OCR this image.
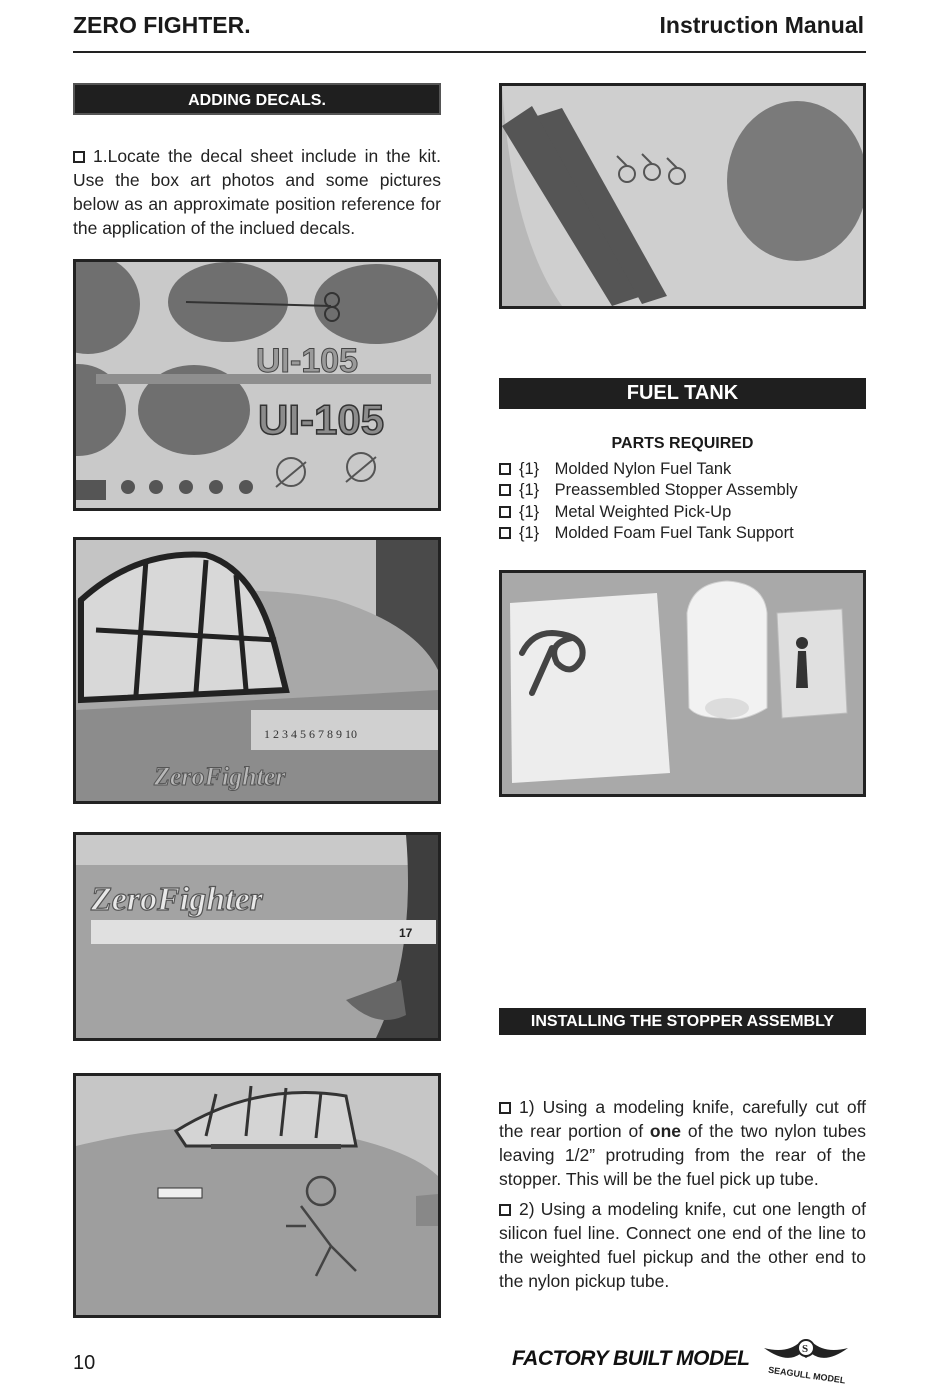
ZERO FIGHTER.	Instruction Manual
ADDING DECALS.
1.Locate the decal sheet include in the kit. Use the box art photos and some pictures below as an approximate position reference for the application of the inclued decals.
UI-105
UI-105
1 2 3 4 5 6 7 8 9 10
ZeroFighter
ZeroFighter
17
FUEL TANK
PARTS REQUIRED
{1} Molded Nylon Fuel Tank
{1} Preassembled Stopper Assembly
{1} Metal Weighted Pick-Up
{1} Molded Foam Fuel Tank Support
INSTALLING THE STOPPER ASSEMBLY
1) Using a modeling knife, carefully cut off the rear portion of one of the two nylon tubes leaving 1/2” protruding from the rear of the stopper. This will be the fuel pick up tube.
2) Using a modeling knife, cut one length of silicon fuel line. Connect one end of the line to the weighted fuel pickup and the other end to the nylon pickup tube.
10	FACTORY BUILT MODEL	S
SEAGULL MODEL
